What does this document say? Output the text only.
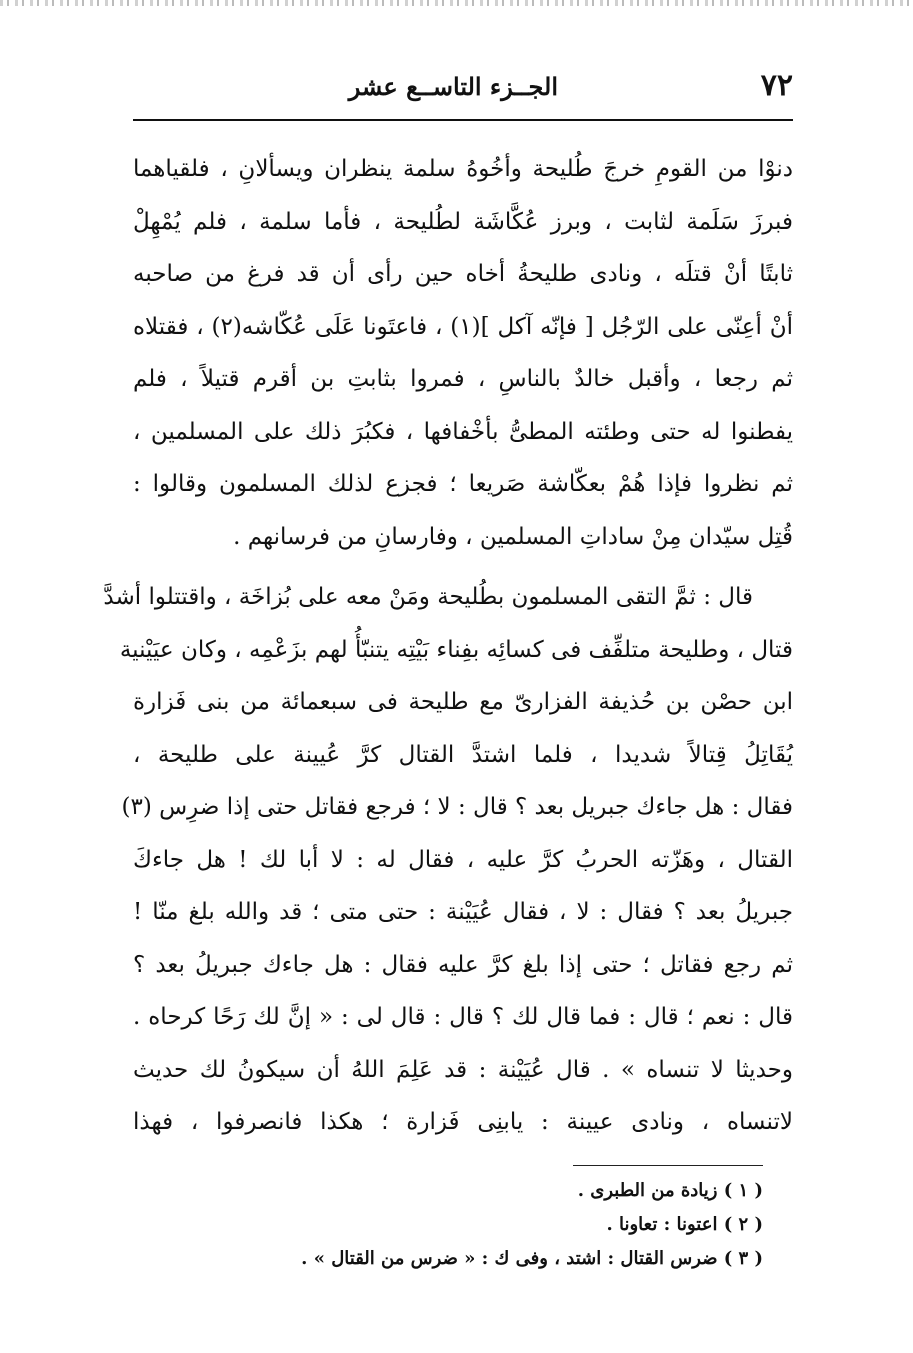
٧٢
الجــزء التاســع عشر
دنوْا من القومِ خرجَ طُليحة وأخُوهُ سلمة ينظران ويسألانِ ، فلقياهما
فبرزَ سَلَمة لثابت ، وبرز عُكَّاشَة لطُليحة ، فأما سلمة ، فلم يُمْهِلْ
ثابتًا أنْ قتلَه ، ونادى طليحةُ أخاه حين رأى أن قد فرغ من صاحبه
أنْ أعِنّى على الرّجُل [ فإنّه آكل ](١) ، فاعتَونا عَلَى عُكّاشه(٢) ، فقتلاه
ثم رجعا ، وأقبل خالدٌ بالناسِ ، فمروا بثابتِ بن أقرم قتيلاً ، فلم
يفطنوا له حتى وطئته المطىُّ بأخْفافها ، فكبُرَ ذلك على المسلمين ،
ثم نظروا فإذا هُمْ بعكّاشة صَريعا ؛ فجزع لذلك المسلمون وقالوا :
قُتِل سيّدان مِنْ ساداتِ المسلمين ، وفارسانِ من فرسانهم .
قال : ثمَّ التقى المسلمون بطُليحة ومَنْ معه على بُزاخَة ، واقتتلوا أشدَّ
قتال ، وطليحة متلفِّف فى كسائِه بفِناء بَيْتِه يتنبّأُ لهم بزَعْمِه ، وكان عيَيْنية
ابن حصْن بن حُذيفة الفزارىّ مع طليحة فى سبعمائة من بنى فَزارة
يُقَاتِلُ قِتالاً شديدا ، فلما اشتدَّ القتال كرَّ عُيينة على طليحة ،
فقال : هل جاءك جبريل بعد ؟ قال : لا ؛ فرجع فقاتل حتى إذا ضرِس (٣)
القتال ، وهَزّته الحربُ كرَّ عليه ، فقال له : لا أبا لك ! هل جاءكَ
جبريلُ بعد ؟ فقال : لا ، فقال عُيَيْنة : حتى متى ؛ قد والله بلغ منّا !
ثم رجع فقاتل ؛ حتى إذا بلغ كرَّ عليه فقال : هل جاءك جبريلُ بعد ؟
قال : نعم ؛ قال : فما قال لك ؟ قال : قال لى : « إنَّ لك رَحًا كرحاه .
وحديثا لا تنساه » . قال عُيَيْنة : قد عَلِمَ اللهُ أن سيكونُ لك حديث
لاتنساه ، ونادى عيينة : يابنِى فَزارة ؛ هكذا فانصرفوا ، فهذا
( ١ ) زيادة من الطبرى .
( ٢ ) اعتونا : تعاونا .
( ٣ ) ضرس القتال : اشتد ، وفى ك : « ضرس من القتال » .
